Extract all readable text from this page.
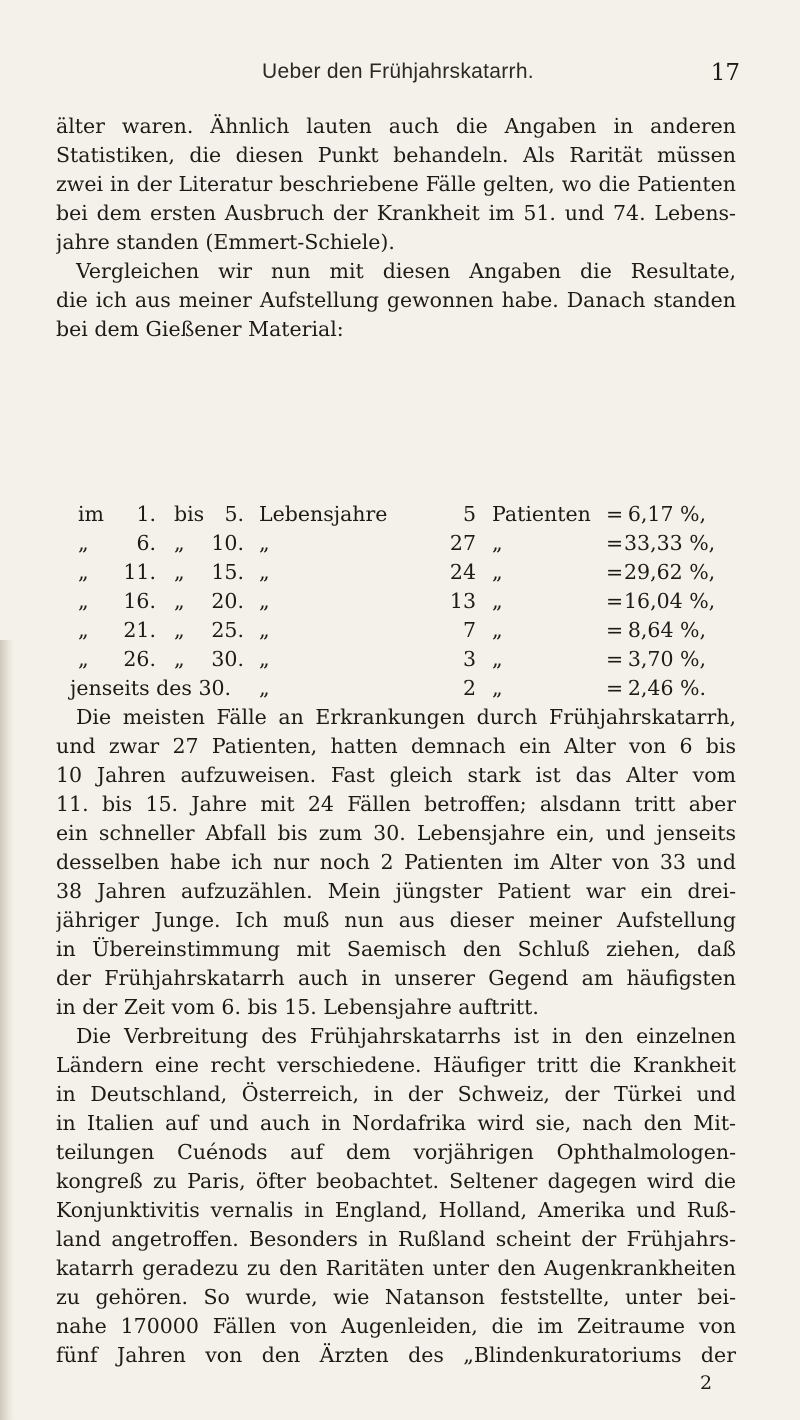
Ueber den Frühjahrskatarrh.	17
älter waren. Ähnlich lauten auch die Angaben in anderen
Statistiken, die diesen Punkt behandeln. Als Rarität müssen
zwei in der Literatur beschriebene Fälle gelten, wo die Patienten
bei dem ersten Ausbruch der Krankheit im 51. und 74. Lebens-
jahre standen (Emmert-Schiele).
Vergleichen wir nun mit diesen Angaben die Resultate,
die ich aus meiner Aufstellung gewonnen habe. Danach standen
bei dem Gießener Material:
im	1. bis 5. Lebensjahre	5 Patienten = 6,17 %,
„	6. „	10. „	27 „	= 33,33 %,
„ 11. „	15. „	24 „	= 29,62 %,
„ 16. „	20. „	13 „	= 16,04 %,
„ 21. „	25. „	7 „	= 8,64 %,
„ 26. „	30. „	3 „	= 3,70 %,
jenseits des 30. „	2 „	= 2,46 %.
Die meisten Fälle an Erkrankungen durch Frühjahrskatarrh,
und zwar 27 Patienten, hatten demnach ein Alter von 6 bis
10 Jahren aufzuweisen. Fast gleich stark ist das Alter vom
11. bis 15. Jahre mit 24 Fällen betroffen; alsdann tritt aber
ein schneller Abfall bis zum 30. Lebensjahre ein, und jenseits
desselben habe ich nur noch 2 Patienten im Alter von 33 und
38 Jahren aufzuzählen. Mein jüngster Patient war ein drei-
jähriger Junge. Ich muß nun aus dieser meiner Aufstellung
in Übereinstimmung mit Saemisch den Schluß ziehen, daß
der Frühjahrskatarrh auch in unserer Gegend am häufigsten
in der Zeit vom 6. bis 15. Lebensjahre auftritt.
Die Verbreitung des Frühjahrskatarrhs ist in den einzelnen
Ländern eine recht verschiedene. Häufiger tritt die Krankheit
in Deutschland, Österreich, in der Schweiz, der Türkei und
in Italien auf und auch in Nordafrika wird sie, nach den Mit-
teilungen Cuénods auf dem vorjährigen Ophthalmologen-
kongreß zu Paris, öfter beobachtet. Seltener dagegen wird die
Konjunktivitis vernalis in England, Holland, Amerika und Ruß-
land angetroffen. Besonders in Rußland scheint der Frühjahrs-
katarrh geradezu zu den Raritäten unter den Augenkrankheiten
zu gehören. So wurde, wie Natanson feststellte, unter bei-
nahe 170000 Fällen von Augenleiden, die im Zeitraume von
fünf Jahren von den Ärzten des „Blindenkuratoriums der
2
